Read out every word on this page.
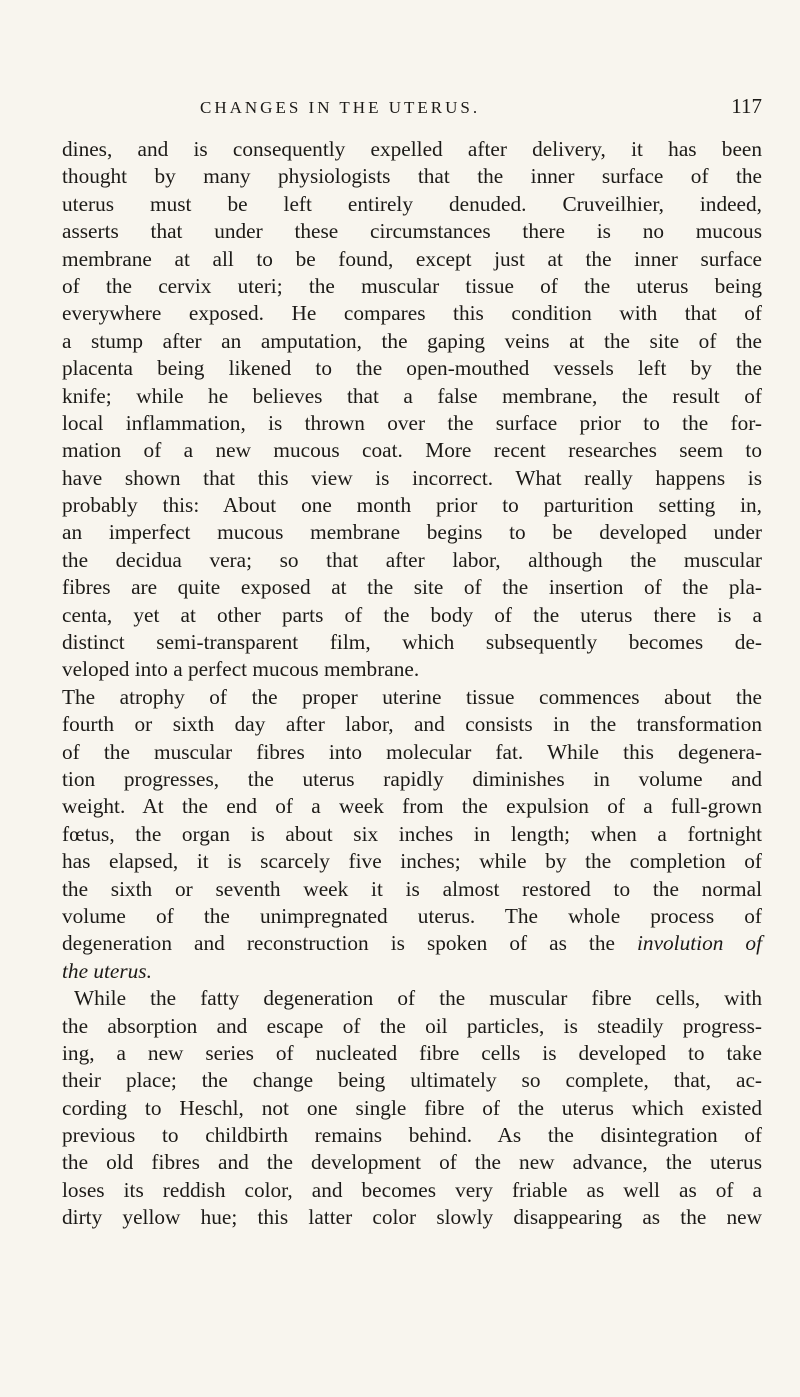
CHANGES IN THE UTERUS.	117
dines, and is consequently expelled after delivery, it has been
thought by many physiologists that the inner surface of the
uterus must be left entirely denuded. Cruveilhier, indeed,
asserts that under these circumstances there is no mucous
membrane at all to be found, except just at the inner surface
of the cervix uteri; the muscular tissue of the uterus being
everywhere exposed. He compares this condition with that of
a stump after an amputation, the gaping veins at the site of the
placenta being likened to the open-mouthed vessels left by the
knife; while he believes that a false membrane, the result of
local inflammation, is thrown over the surface prior to the for-
mation of a new mucous coat. More recent researches seem to
have shown that this view is incorrect. What really happens is
probably this: About one month prior to parturition setting in,
an imperfect mucous membrane begins to be developed under
the decidua vera; so that after labor, although the muscular
fibres are quite exposed at the site of the insertion of the pla-
centa, yet at other parts of the body of the uterus there is a
distinct semi-transparent film, which subsequently becomes de-
veloped into a perfect mucous membrane.
The atrophy of the proper uterine tissue commences about the
fourth or sixth day after labor, and consists in the transformation
of the muscular fibres into molecular fat. While this degenera-
tion progresses, the uterus rapidly diminishes in volume and
weight. At the end of a week from the expulsion of a full-grown
fœtus, the organ is about six inches in length; when a fortnight
has elapsed, it is scarcely five inches; while by the completion of
the sixth or seventh week it is almost restored to the normal
volume of the unimpregnated uterus. The whole process of
degeneration and reconstruction is spoken of as the involution of
the uterus.
While the fatty degeneration of the muscular fibre cells, with
the absorption and escape of the oil particles, is steadily progress-
ing, a new series of nucleated fibre cells is developed to take
their place; the change being ultimately so complete, that, ac-
cording to Heschl, not one single fibre of the uterus which existed
previous to childbirth remains behind. As the disintegration of
the old fibres and the development of the new advance, the uterus
loses its reddish color, and becomes very friable as well as of a
dirty yellow hue; this latter color slowly disappearing as the new
